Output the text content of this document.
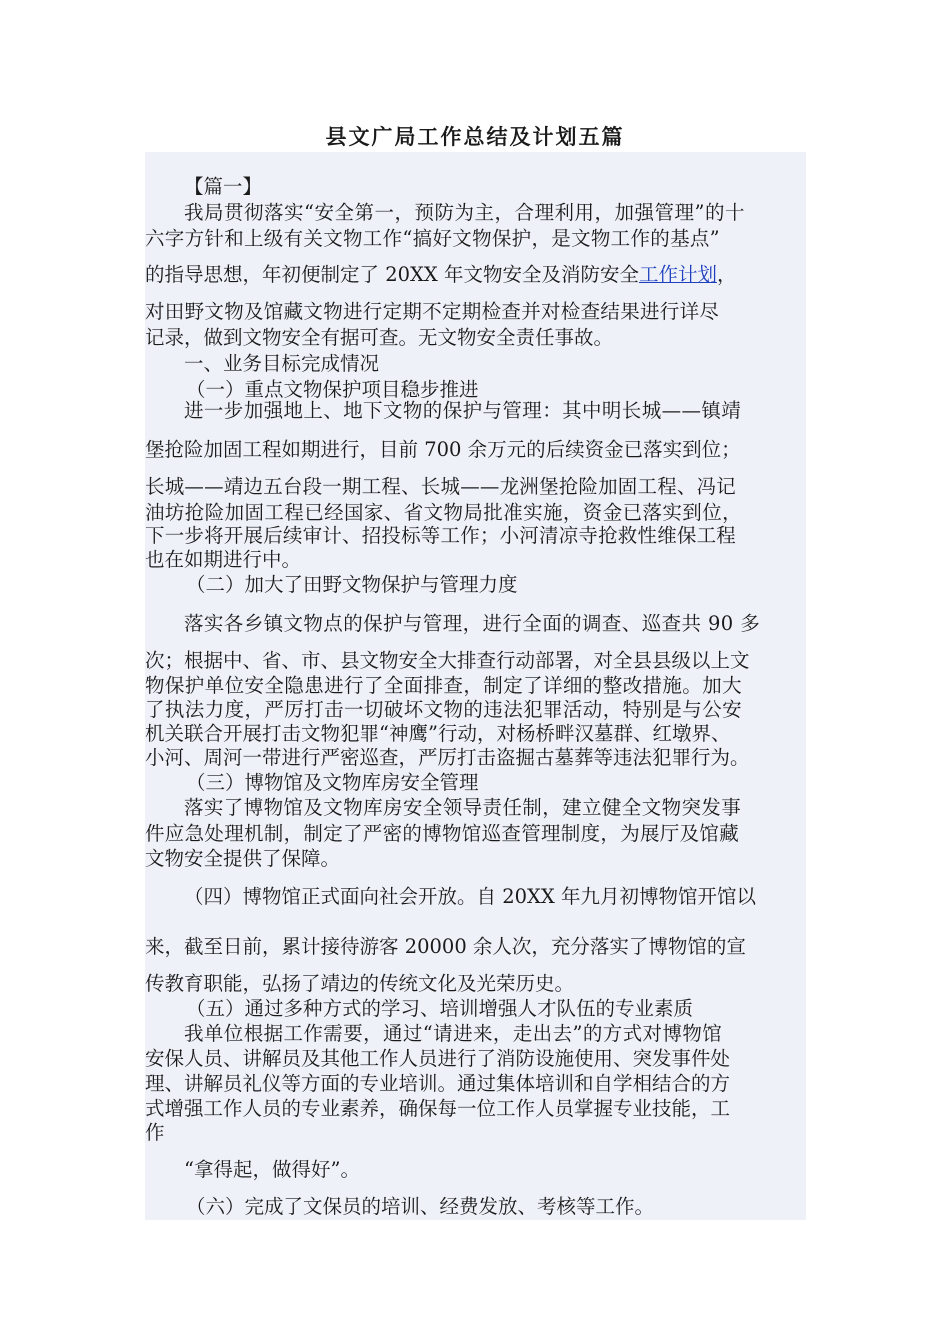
县文广局工作总结及计划五篇
【篇一】
我局贯彻落实“安全第一，预防为主，合理利用，加强管理”的十
六字方针和上级有关文物工作“搞好文物保护，是文物工作的基点”
的指导思想，年初便制定了 20XX 年文物安全及消防安全工作计划，
对田野文物及馆藏文物进行定期不定期检查并对检查结果进行详尽
记录，做到文物安全有据可查。无文物安全责任事故。
一、业务目标完成情况
（一）重点文物保护项目稳步推进
进一步加强地上、地下文物的保护与管理：其中明长城——镇靖
堡抢险加固工程如期进行，目前 700 余万元的后续资金已落实到位；
长城——靖边五台段一期工程、长城——龙洲堡抢险加固工程、冯记
油坊抢险加固工程已经国家、省文物局批准实施，资金已落实到位，
下一步将开展后续审计、招投标等工作；小河清凉寺抢救性维保工程
也在如期进行中。
（二）加大了田野文物保护与管理力度
落实各乡镇文物点的保护与管理，进行全面的调查、巡查共 90 多
次；根据中、省、市、县文物安全大排查行动部署，对全县县级以上文
物保护单位安全隐患进行了全面排查，制定了详细的整改措施。加大
了执法力度，严厉打击一切破坏文物的违法犯罪活动，特别是与公安
机关联合开展打击文物犯罪“神鹰”行动，对杨桥畔汉墓群、红墩界、
小河、周河一带进行严密巡查，严厉打击盗掘古墓葬等违法犯罪行为。
（三）博物馆及文物库房安全管理
落实了博物馆及文物库房安全领导责任制，建立健全文物突发事
件应急处理机制，制定了严密的博物馆巡查管理制度，为展厅及馆藏
文物安全提供了保障。
（四）博物馆正式面向社会开放。自 20XX 年九月初博物馆开馆以
来，截至日前，累计接待游客 20000 余人次，充分落实了博物馆的宣
传教育职能，弘扬了靖边的传统文化及光荣历史。
（五）通过多种方式的学习、培训增强人才队伍的专业素质
我单位根据工作需要，通过“请进来，走出去”的方式对博物馆
安保人员、讲解员及其他工作人员进行了消防设施使用、突发事件处
理、讲解员礼仪等方面的专业培训。通过集体培训和自学相结合的方
式增强工作人员的专业素养，确保每一位工作人员掌握专业技能，工
作
“拿得起，做得好”。
（六）完成了文保员的培训、经费发放、考核等工作。
